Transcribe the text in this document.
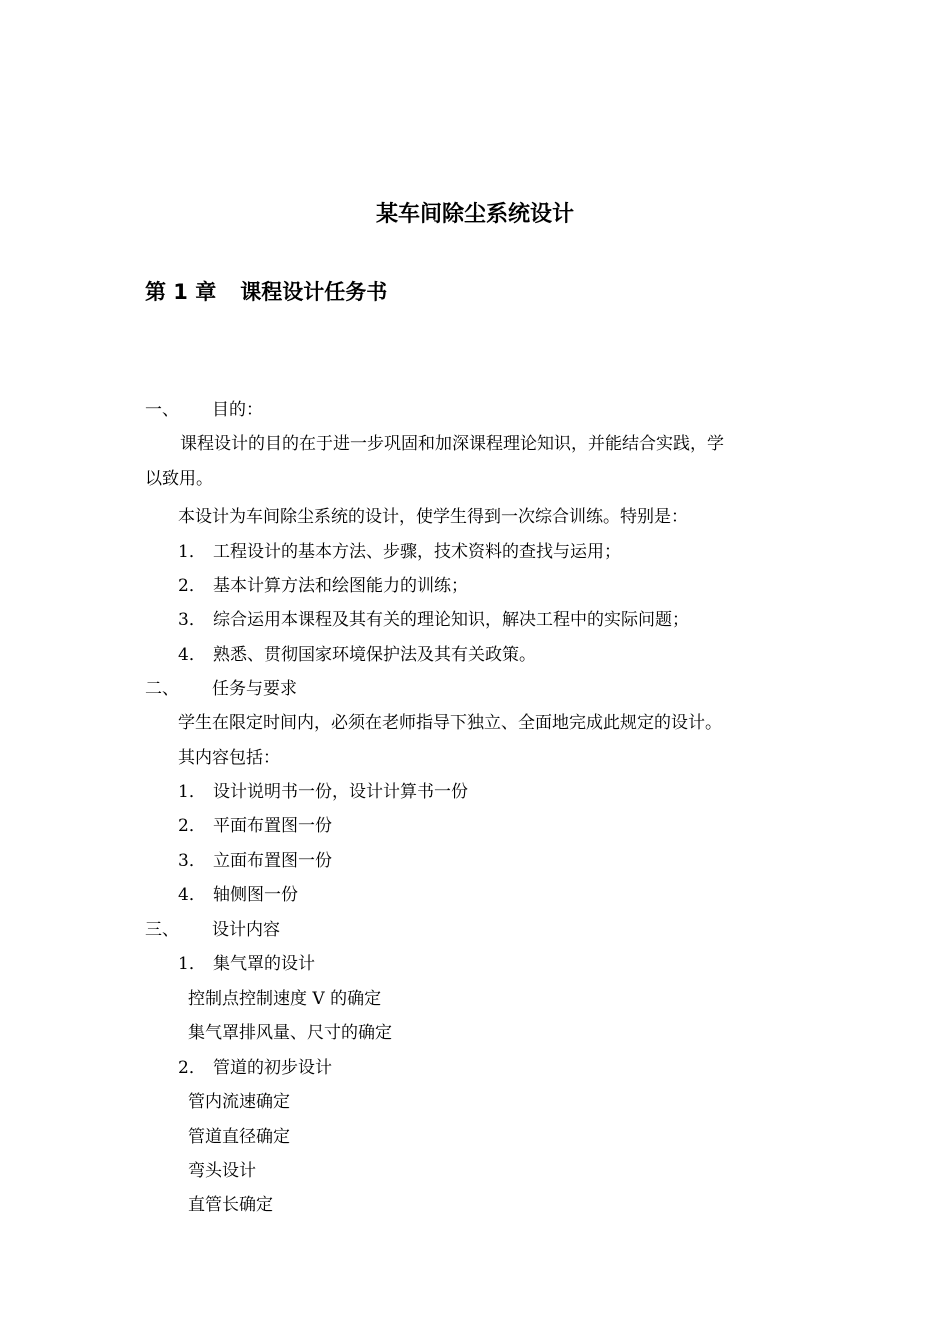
某车间除尘系统设计
第 1 章 课程设计任务书
一、 目的：
课程设计的目的在于进一步巩固和加深课程理论知识，并能结合实践，学
以致用。
本设计为车间除尘系统的设计，使学生得到一次综合训练。特别是：
1． 工程设计的基本方法、步骤，技术资料的查找与运用；
2． 基本计算方法和绘图能力的训练；
3． 综合运用本课程及其有关的理论知识，解决工程中的实际问题；
4． 熟悉、贯彻国家环境保护法及其有关政策。
二、 任务与要求
学生在限定时间内，必须在老师指导下独立、全面地完成此规定的设计。
其内容包括：
1． 设计说明书一份，设计计算书一份
2． 平面布置图一份
3． 立面布置图一份
4． 轴侧图一份
三、 设计内容
1． 集气罩的设计
控制点控制速度 V 的确定
集气罩排风量、尺寸的确定
2． 管道的初步设计
管内流速确定
管道直径确定
弯头设计
直管长确定
